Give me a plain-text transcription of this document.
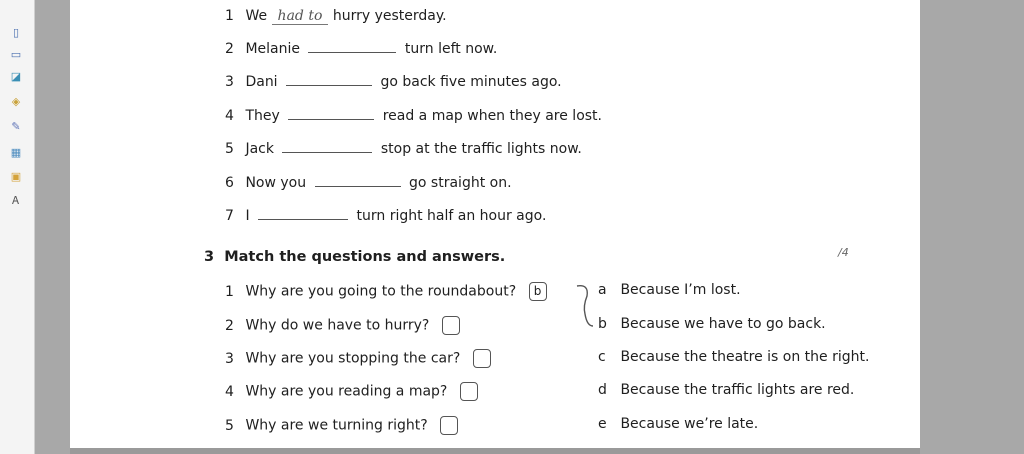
▯
▭
◪
◈
✎
▦
▣
Ꭺ
1 We had to hurry yesterday.
2 Melanie	turn left now.
3 Dani	go back five minutes ago.
4 They	read a map when they are lost.
5 Jack	stop at the traffic lights now.
6 Now you	go straight on.
7 I	turn right half an hour ago.
3 Match the questions and answers.	/4
1 Why are you going to the roundabout? b
2 Why do we have to hurry?
3 Why are you stopping the car?
4 Why are you reading a map?
5 Why are we turning right?
a Because I’m lost.
b Because we have to go back.
c Because the theatre is on the right.
d Because the traffic lights are red.
e Because we’re late.
